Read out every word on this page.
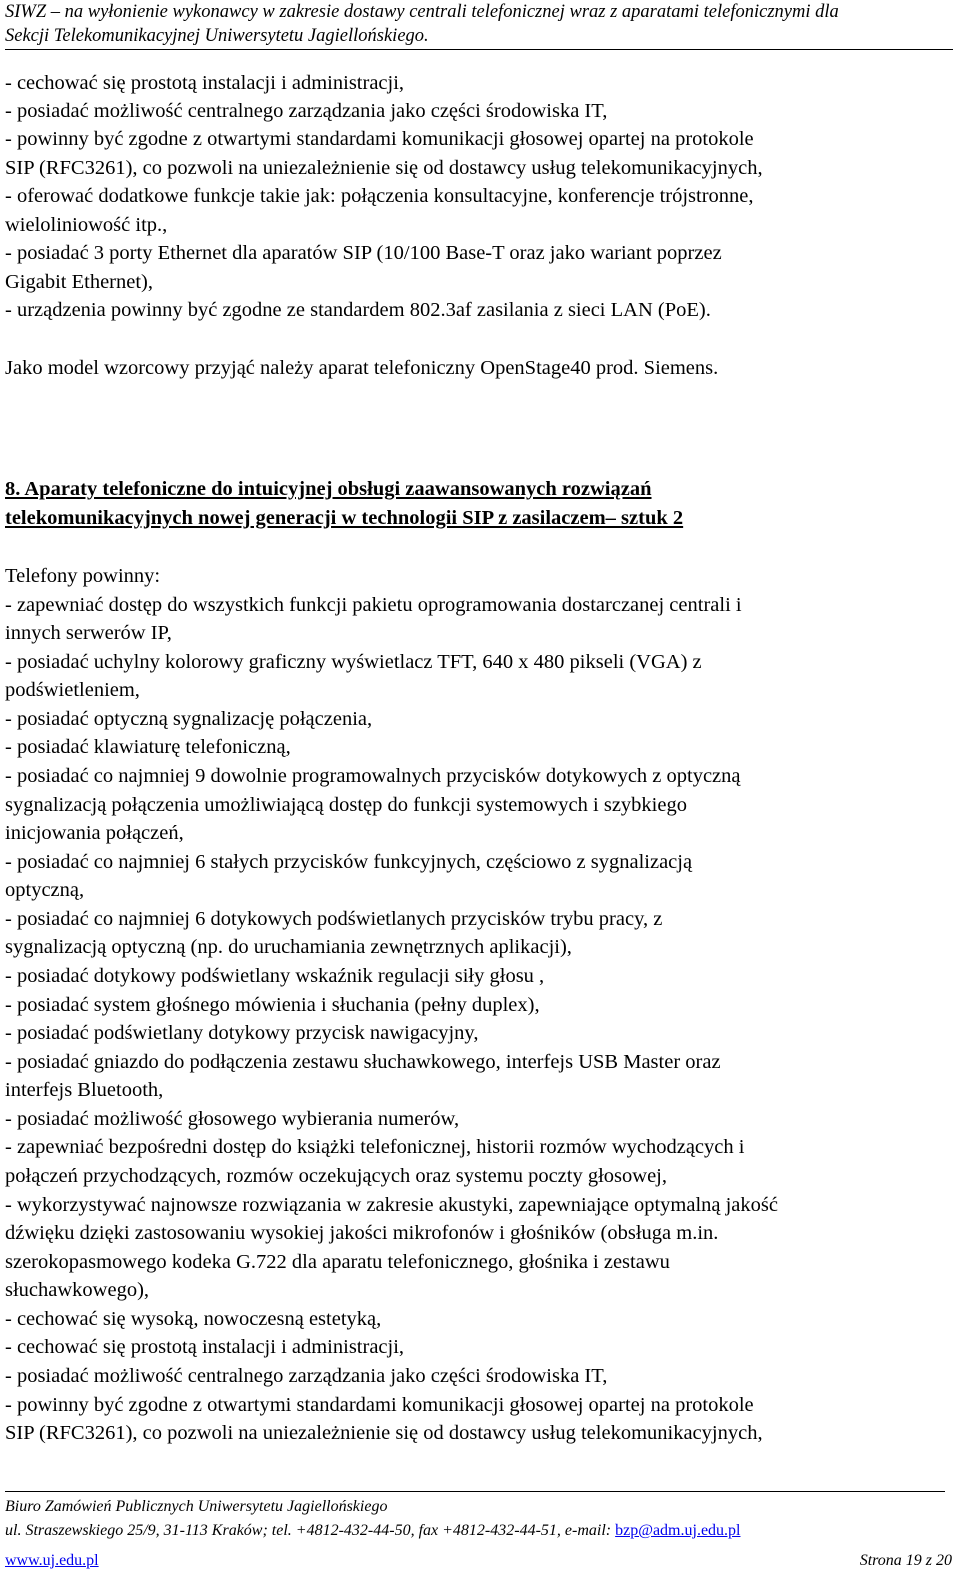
SIWZ – na wyłonienie wykonawcy w zakresie dostawy centrali telefonicznej wraz z aparatami telefonicznymi dla
Sekcji Telekomunikacyjnej Uniwersytetu Jagiellońskiego.
- cechować się prostotą instalacji i administracji,
- posiadać możliwość centralnego zarządzania jako części środowiska IT,
- powinny być zgodne z otwartymi standardami komunikacji głosowej opartej na protokole
SIP (RFC3261), co pozwoli na uniezależnienie się od dostawcy usług telekomunikacyjnych,
- oferować dodatkowe funkcje takie jak: połączenia konsultacyjne, konferencje trójstronne,
wieloliniowość itp.,
- posiadać 3 porty Ethernet dla aparatów SIP (10/100 Base-T oraz jako wariant poprzez
Gigabit Ethernet),
- urządzenia powinny być zgodne ze standardem 802.3af zasilania z sieci LAN (PoE).
Jako model wzorcowy przyjąć należy aparat telefoniczny OpenStage40 prod. Siemens.
8. Aparaty telefoniczne do intuicyjnej obsługi zaawansowanych rozwiązań
telekomunikacyjnych nowej generacji w technologii SIP z zasilaczem– sztuk 2
Telefony powinny:
- zapewniać dostęp do wszystkich funkcji pakietu oprogramowania dostarczanej centrali i
innych serwerów IP,
- posiadać uchylny kolorowy graficzny wyświetlacz TFT, 640 x 480 pikseli (VGA) z
podświetleniem,
- posiadać optyczną sygnalizację połączenia,
- posiadać klawiaturę telefoniczną,
- posiadać co najmniej 9 dowolnie programowalnych przycisków dotykowych z optyczną
sygnalizacją połączenia umożliwiającą dostęp do funkcji systemowych i szybkiego
inicjowania połączeń,
- posiadać co najmniej 6 stałych przycisków funkcyjnych, częściowo z sygnalizacją
optyczną,
- posiadać co najmniej 6 dotykowych podświetlanych przycisków trybu pracy, z
sygnalizacją optyczną (np. do uruchamiania zewnętrznych aplikacji),
- posiadać dotykowy podświetlany wskaźnik regulacji siły głosu ,
- posiadać system głośnego mówienia i słuchania (pełny duplex),
- posiadać podświetlany dotykowy przycisk nawigacyjny,
- posiadać gniazdo do podłączenia zestawu słuchawkowego, interfejs USB Master oraz
interfejs Bluetooth,
- posiadać możliwość głosowego wybierania numerów,
- zapewniać bezpośredni dostęp do książki telefonicznej, historii rozmów wychodzących i
połączeń przychodzących, rozmów oczekujących oraz systemu poczty głosowej,
- wykorzystywać najnowsze rozwiązania w zakresie akustyki, zapewniające optymalną jakość
dźwięku dzięki zastosowaniu wysokiej jakości mikrofonów i głośników (obsługa m.in.
szerokopasmowego kodeka G.722 dla aparatu telefonicznego, głośnika i zestawu
słuchawkowego),
- cechować się wysoką, nowoczesną estetyką,
- cechować się prostotą instalacji i administracji,
- posiadać możliwość centralnego zarządzania jako części środowiska IT,
- powinny być zgodne z otwartymi standardami komunikacji głosowej opartej na protokole
SIP (RFC3261), co pozwoli na uniezależnienie się od dostawcy usług telekomunikacyjnych,
Biuro Zamówień Publicznych Uniwersytetu Jagiellońskiego
ul. Straszewskiego 25/9, 31-113 Kraków; tel. +4812-432-44-50, fax +4812-432-44-51, e-mail: bzp@adm.uj.edu.pl
www.uj.edu.pl	Strona 19 z 20
